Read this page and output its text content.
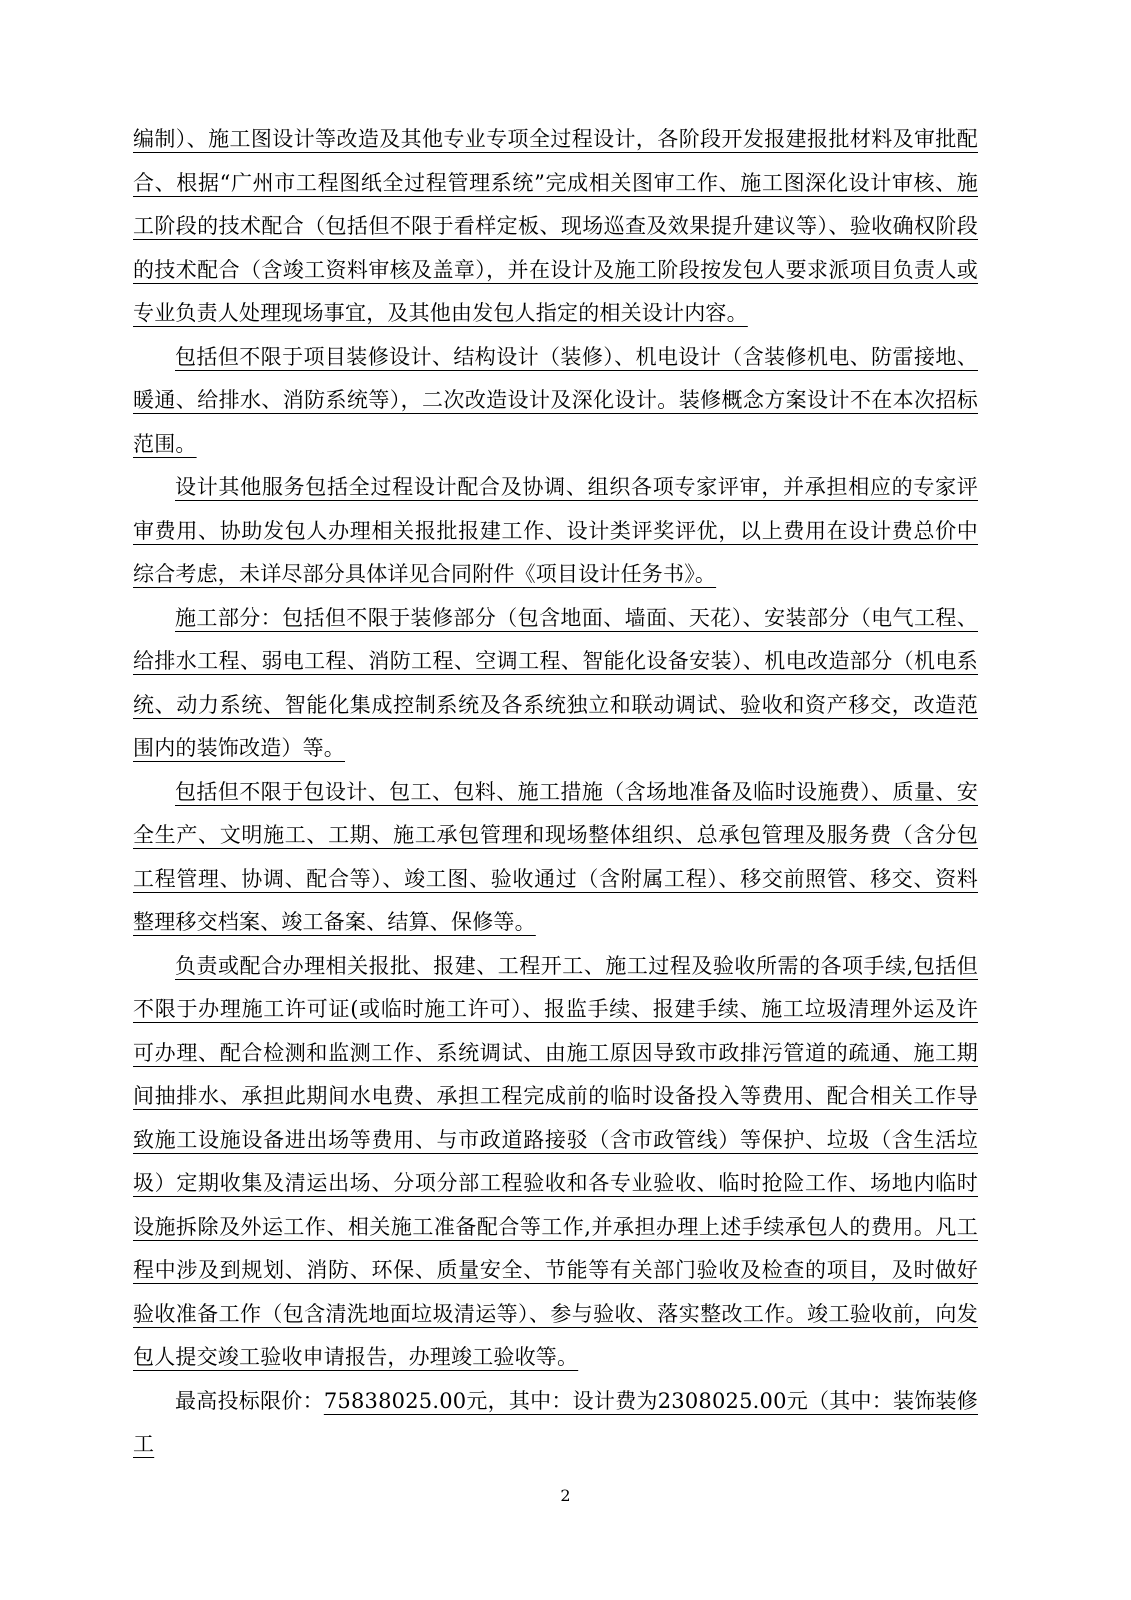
编制）、施工图设计等改造及其他专业专项全过程设计，各阶段开发报建报批材料及审批配合、根据“广州市工程图纸全过程管理系统”完成相关图审工作、施工图深化设计审核、施工阶段的技术配合（包括但不限于看样定板、现场巡查及效果提升建议等）、验收确权阶段的技术配合（含竣工资料审核及盖章），并在设计及施工阶段按发包人要求派项目负责人或专业负责人处理现场事宜，及其他由发包人指定的相关设计内容。

包括但不限于项目装修设计、结构设计（装修）、机电设计（含装修机电、防雷接地、暖通、给排水、消防系统等），二次改造设计及深化设计。装修概念方案设计不在本次招标范围。

设计其他服务包括全过程设计配合及协调、组织各项专家评审，并承担相应的专家评审费用、协助发包人办理相关报批报建工作、设计类评奖评优，以上费用在设计费总价中综合考虑，未详尽部分具体详见合同附件《项目设计任务书》。

施工部分：包括但不限于装修部分（包含地面、墙面、天花）、安装部分（电气工程、给排水工程、弱电工程、消防工程、空调工程、智能化设备安装）、机电改造部分（机电系统、动力系统、智能化集成控制系统及各系统独立和联动调试、验收和资产移交，改造范围内的装饰改造）等。

包括但不限于包设计、包工、包料、施工措施（含场地准备及临时设施费）、质量、安全生产、文明施工、工期、施工承包管理和现场整体组织、总承包管理及服务费（含分包工程管理、协调、配合等）、竣工图、验收通过（含附属工程）、移交前照管、移交、资料整理移交档案、竣工备案、结算、保修等。

负责或配合办理相关报批、报建、工程开工、施工过程及验收所需的各项手续,包括但不限于办理施工许可证(或临时施工许可）、报监手续、报建手续、施工垃圾清理外运及许可办理、配合检测和监测工作、系统调试、由施工原因导致市政排污管道的疏通、施工期间抽排水、承担此期间水电费、承担工程完成前的临时设备投入等费用、配合相关工作导致施工设施设备进出场等费用、与市政道路接驳（含市政管线）等保护、垃圾（含生活垃圾）定期收集及清运出场、分项分部工程验收和各专业验收、临时抢险工作、场地内临时设施拆除及外运工作、相关施工准备配合等工作,并承担办理上述手续承包人的费用。凡工程中涉及到规划、消防、环保、质量安全、节能等有关部门验收及检查的项目，及时做好验收准备工作（包含清洗地面垃圾清运等）、参与验收、落实整改工作。竣工验收前，向发包人提交竣工验收申请报告，办理竣工验收等。

最高投标限价：75838025.00元，其中：设计费为2308025.00元（其中：装饰装修工

2
